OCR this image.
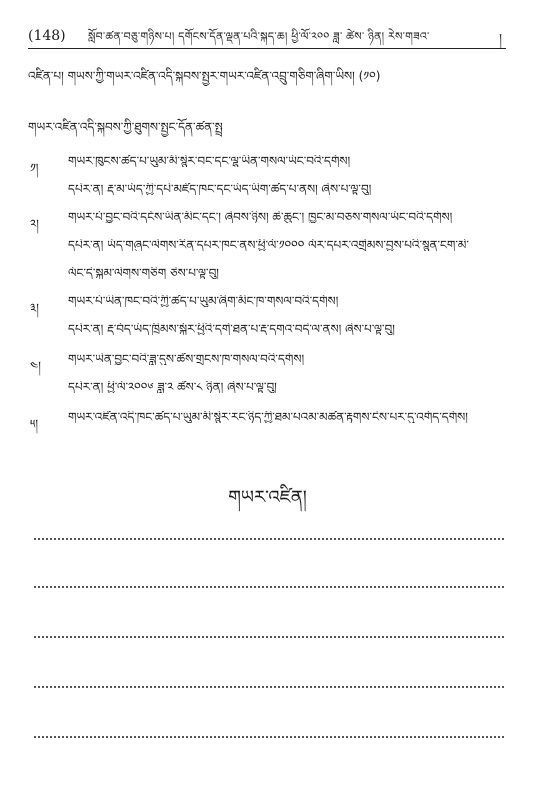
(148) སློབ་ཚན་བཅུ་གཉིས་པ། དགོངས་དོན་ལྡན་པའི་སྐད་ཆ། ཕྱི་ལོ་༢༠༠ ཟླ་ ཚེས་ ཉིན། རེས་གཟའ་	།
འཛིན་པ། གཡས་ཀྱི་གཡར་འཛིན་འདི་སྐབས་སྤྱར་གཡར་འཛིན་འབྲུ་གཅིག་ཞིག་ཡིས། (༡༠)
གཡར་འཛིན་འདི་སྐབས་ཀྱི་ཐུགས་སྤྱང་དོན་ཚན་སྤྲ
༡།	གཡར་ཁུངས་ཚད་པ་ཡུམ་མི་སྙེར་བང་དང་ལྷ་ཡིན་གསལ་ཡོང་བའི་དགོས།
དཔེར་ན། རྡ་མ་ཡོད་ཀྱི་དཔེ་མཛོད་ཁང་དང་ཡོད་ཡིག་ཚད་པ་ནས། ཞེས་པ་ལྟ་བུ།
༢།	གཡར་པོ་བྱུང་བའི་དངོས་ཡིན་མིང་དང་། ཞེབས་ཉིས། ཆེ་ཆུང་། ཁྱུང་མ་བཅས་གསལ་ཡོང་བའི་དགོས།
དཔེར་ན། ཡོད་གཞུང་ལེགས་རིན་དཔར་ཁང་ནས་ཕྱི་ལོ་༡༠༠༠ ལོར་དཔར་འགྲེམས་བྱས་པའི་སྙན་ངག་མེ་
ལོང་དེ་སྐུམ་ལེགས་གཅིག ཅེས་པ་ལྟ་བུ།
༣།	གཡར་པོ་ཡིན་ཁང་བའི་ཀྱི་ཚད་པ་ཡུམ་ཞིག་མིང་ཁ་གསལ་བའི་དགོས།
དཔེར་ན། རྡ་བོད་ཡོད་ཁྲིམས་སྐོར་ཕྱིའི་དགེ་ཐན་པ་རྡ་དགའ་བདེ་ལ་ནས། ཞེས་པ་ལྟ་བུ།
༤།	གཡར་ཡེན་བྱུང་བའི་ཟླ་དུས་ཚེས་གྲངས་ཁ་གསལ་བའི་དགོས།
དཔེར་ན། ཕྱི་ལོ་༢༠༠༦ ཟླ་༢ ཚེས་༨ ཉིན། ཞེས་པ་ལྟ་བུ།
༥།	གཡར་འཛིན་འདི་ཁང་ཚད་པ་ཡུམ་མི་སྙེར་རང་ཉིད་ཀྱི་ཐམ་པའམ་མཚན་རྟགས་ངེས་པར་དུ་འགོད་དགོས།
གཡར་འཛིན།
